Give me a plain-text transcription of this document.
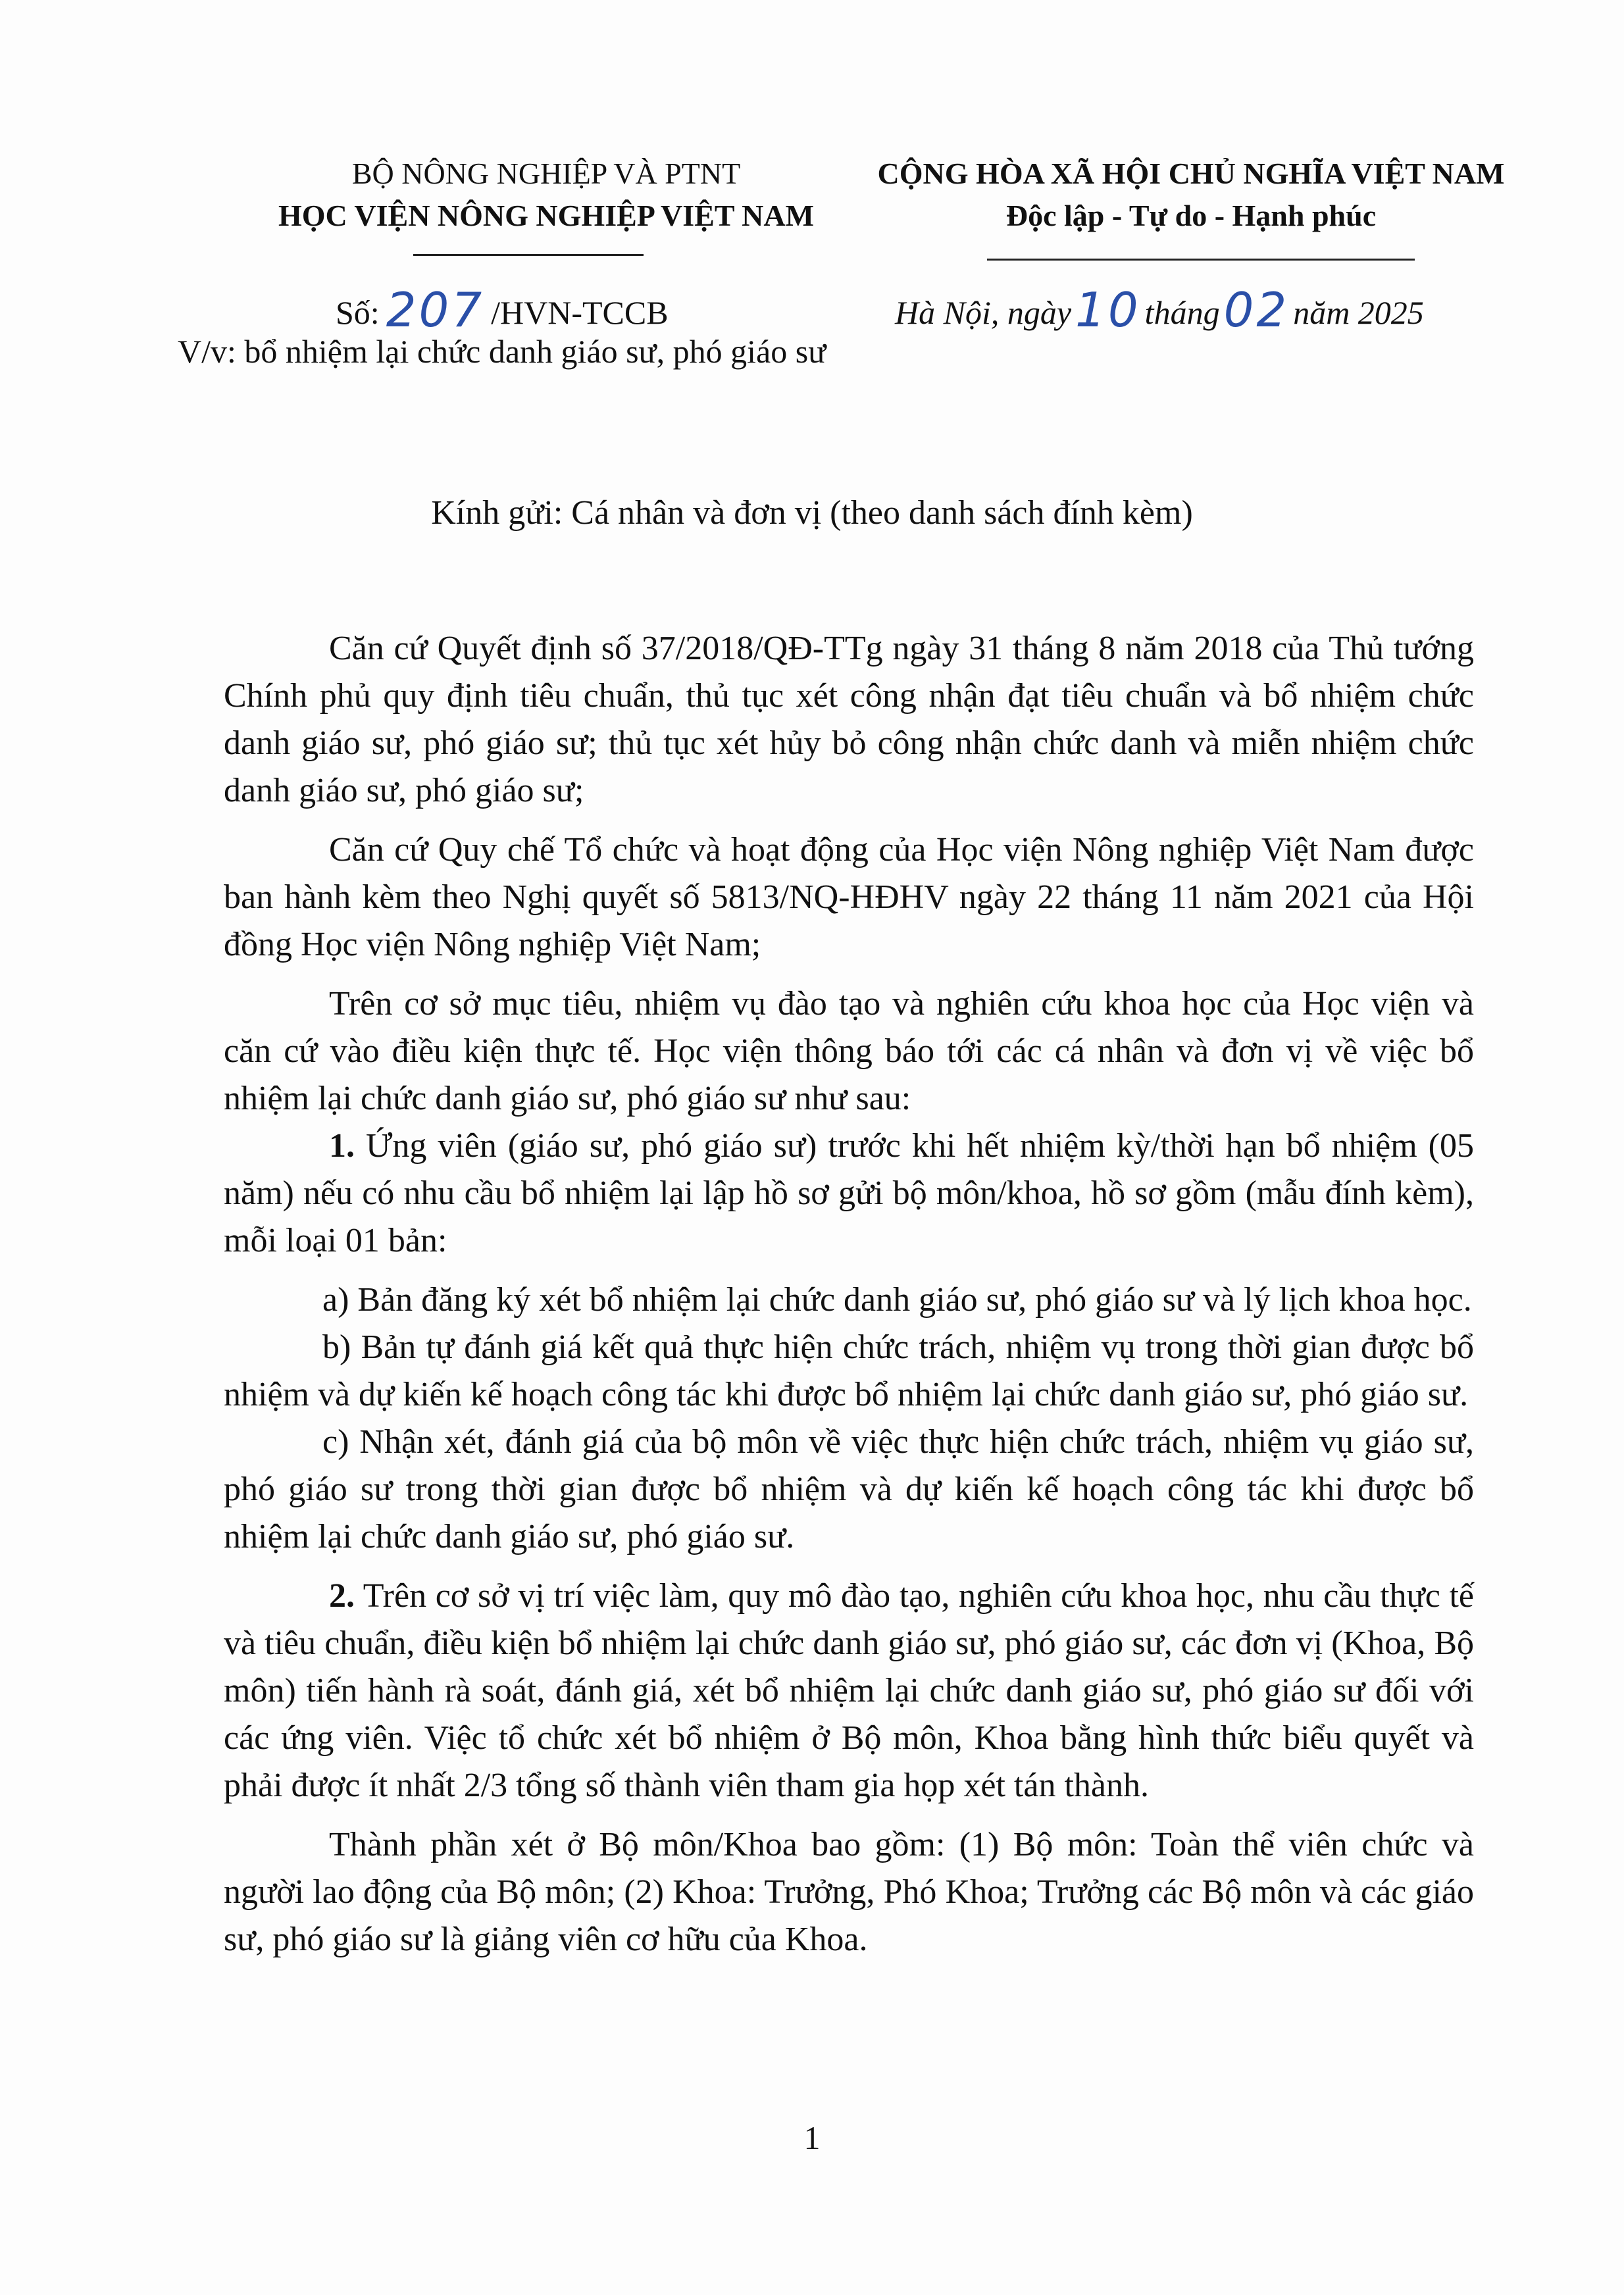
BỘ NÔNG NGHIỆP VÀ PTNT
HỌC VIỆN NÔNG NGHIỆP VIỆT NAM
CỘNG HÒA XÃ HỘI CHỦ NGHĨA VIỆT NAM
Độc lập - Tự do - Hạnh phúc
Số: 207 /HVN-TCCB	Hà Nội, ngày 10 tháng 02 năm 2025
V/v: bổ nhiệm lại chức danh giáo sư, phó giáo sư
Kính gửi: Cá nhân và đơn vị (theo danh sách đính kèm)

Căn cứ Quyết định số 37/2018/QĐ-TTg ngày 31 tháng 8 năm 2018 của Thủ tướng Chính phủ quy định tiêu chuẩn, thủ tục xét công nhận đạt tiêu chuẩn và bổ nhiệm chức danh giáo sư, phó giáo sư; thủ tục xét hủy bỏ công nhận chức danh và miễn nhiệm chức danh giáo sư, phó giáo sư;

Căn cứ Quy chế Tổ chức và hoạt động của Học viện Nông nghiệp Việt Nam được ban hành kèm theo Nghị quyết số 5813/NQ-HĐHV ngày 22 tháng 11 năm 2021 của Hội đồng Học viện Nông nghiệp Việt Nam;

Trên cơ sở mục tiêu, nhiệm vụ đào tạo và nghiên cứu khoa học của Học viện và căn cứ vào điều kiện thực tế. Học viện thông báo tới các cá nhân và đơn vị về việc bổ nhiệm lại chức danh giáo sư, phó giáo sư như sau:

1. Ứng viên (giáo sư, phó giáo sư) trước khi hết nhiệm kỳ/thời hạn bổ nhiệm (05 năm) nếu có nhu cầu bổ nhiệm lại lập hồ sơ gửi bộ môn/khoa, hồ sơ gồm (mẫu đính kèm), mỗi loại 01 bản:

a) Bản đăng ký xét bổ nhiệm lại chức danh giáo sư, phó giáo sư và lý lịch khoa học.

b) Bản tự đánh giá kết quả thực hiện chức trách, nhiệm vụ trong thời gian được bổ nhiệm và dự kiến kế hoạch công tác khi được bổ nhiệm lại chức danh giáo sư, phó giáo sư.

c) Nhận xét, đánh giá của bộ môn về việc thực hiện chức trách, nhiệm vụ giáo sư, phó giáo sư trong thời gian được bổ nhiệm và dự kiến kế hoạch công tác khi được bổ nhiệm lại chức danh giáo sư, phó giáo sư.

2. Trên cơ sở vị trí việc làm, quy mô đào tạo, nghiên cứu khoa học, nhu cầu thực tế và tiêu chuẩn, điều kiện bổ nhiệm lại chức danh giáo sư, phó giáo sư, các đơn vị (Khoa, Bộ môn) tiến hành rà soát, đánh giá, xét bổ nhiệm lại chức danh giáo sư, phó giáo sư đối với các ứng viên. Việc tổ chức xét bổ nhiệm ở Bộ môn, Khoa bằng hình thức biểu quyết và phải được ít nhất 2/3 tổng số thành viên tham gia họp xét tán thành.

Thành phần xét ở Bộ môn/Khoa bao gồm: (1) Bộ môn: Toàn thể viên chức và người lao động của Bộ môn; (2) Khoa: Trưởng, Phó Khoa; Trưởng các Bộ môn và các giáo sư, phó giáo sư là giảng viên cơ hữu của Khoa.

1
